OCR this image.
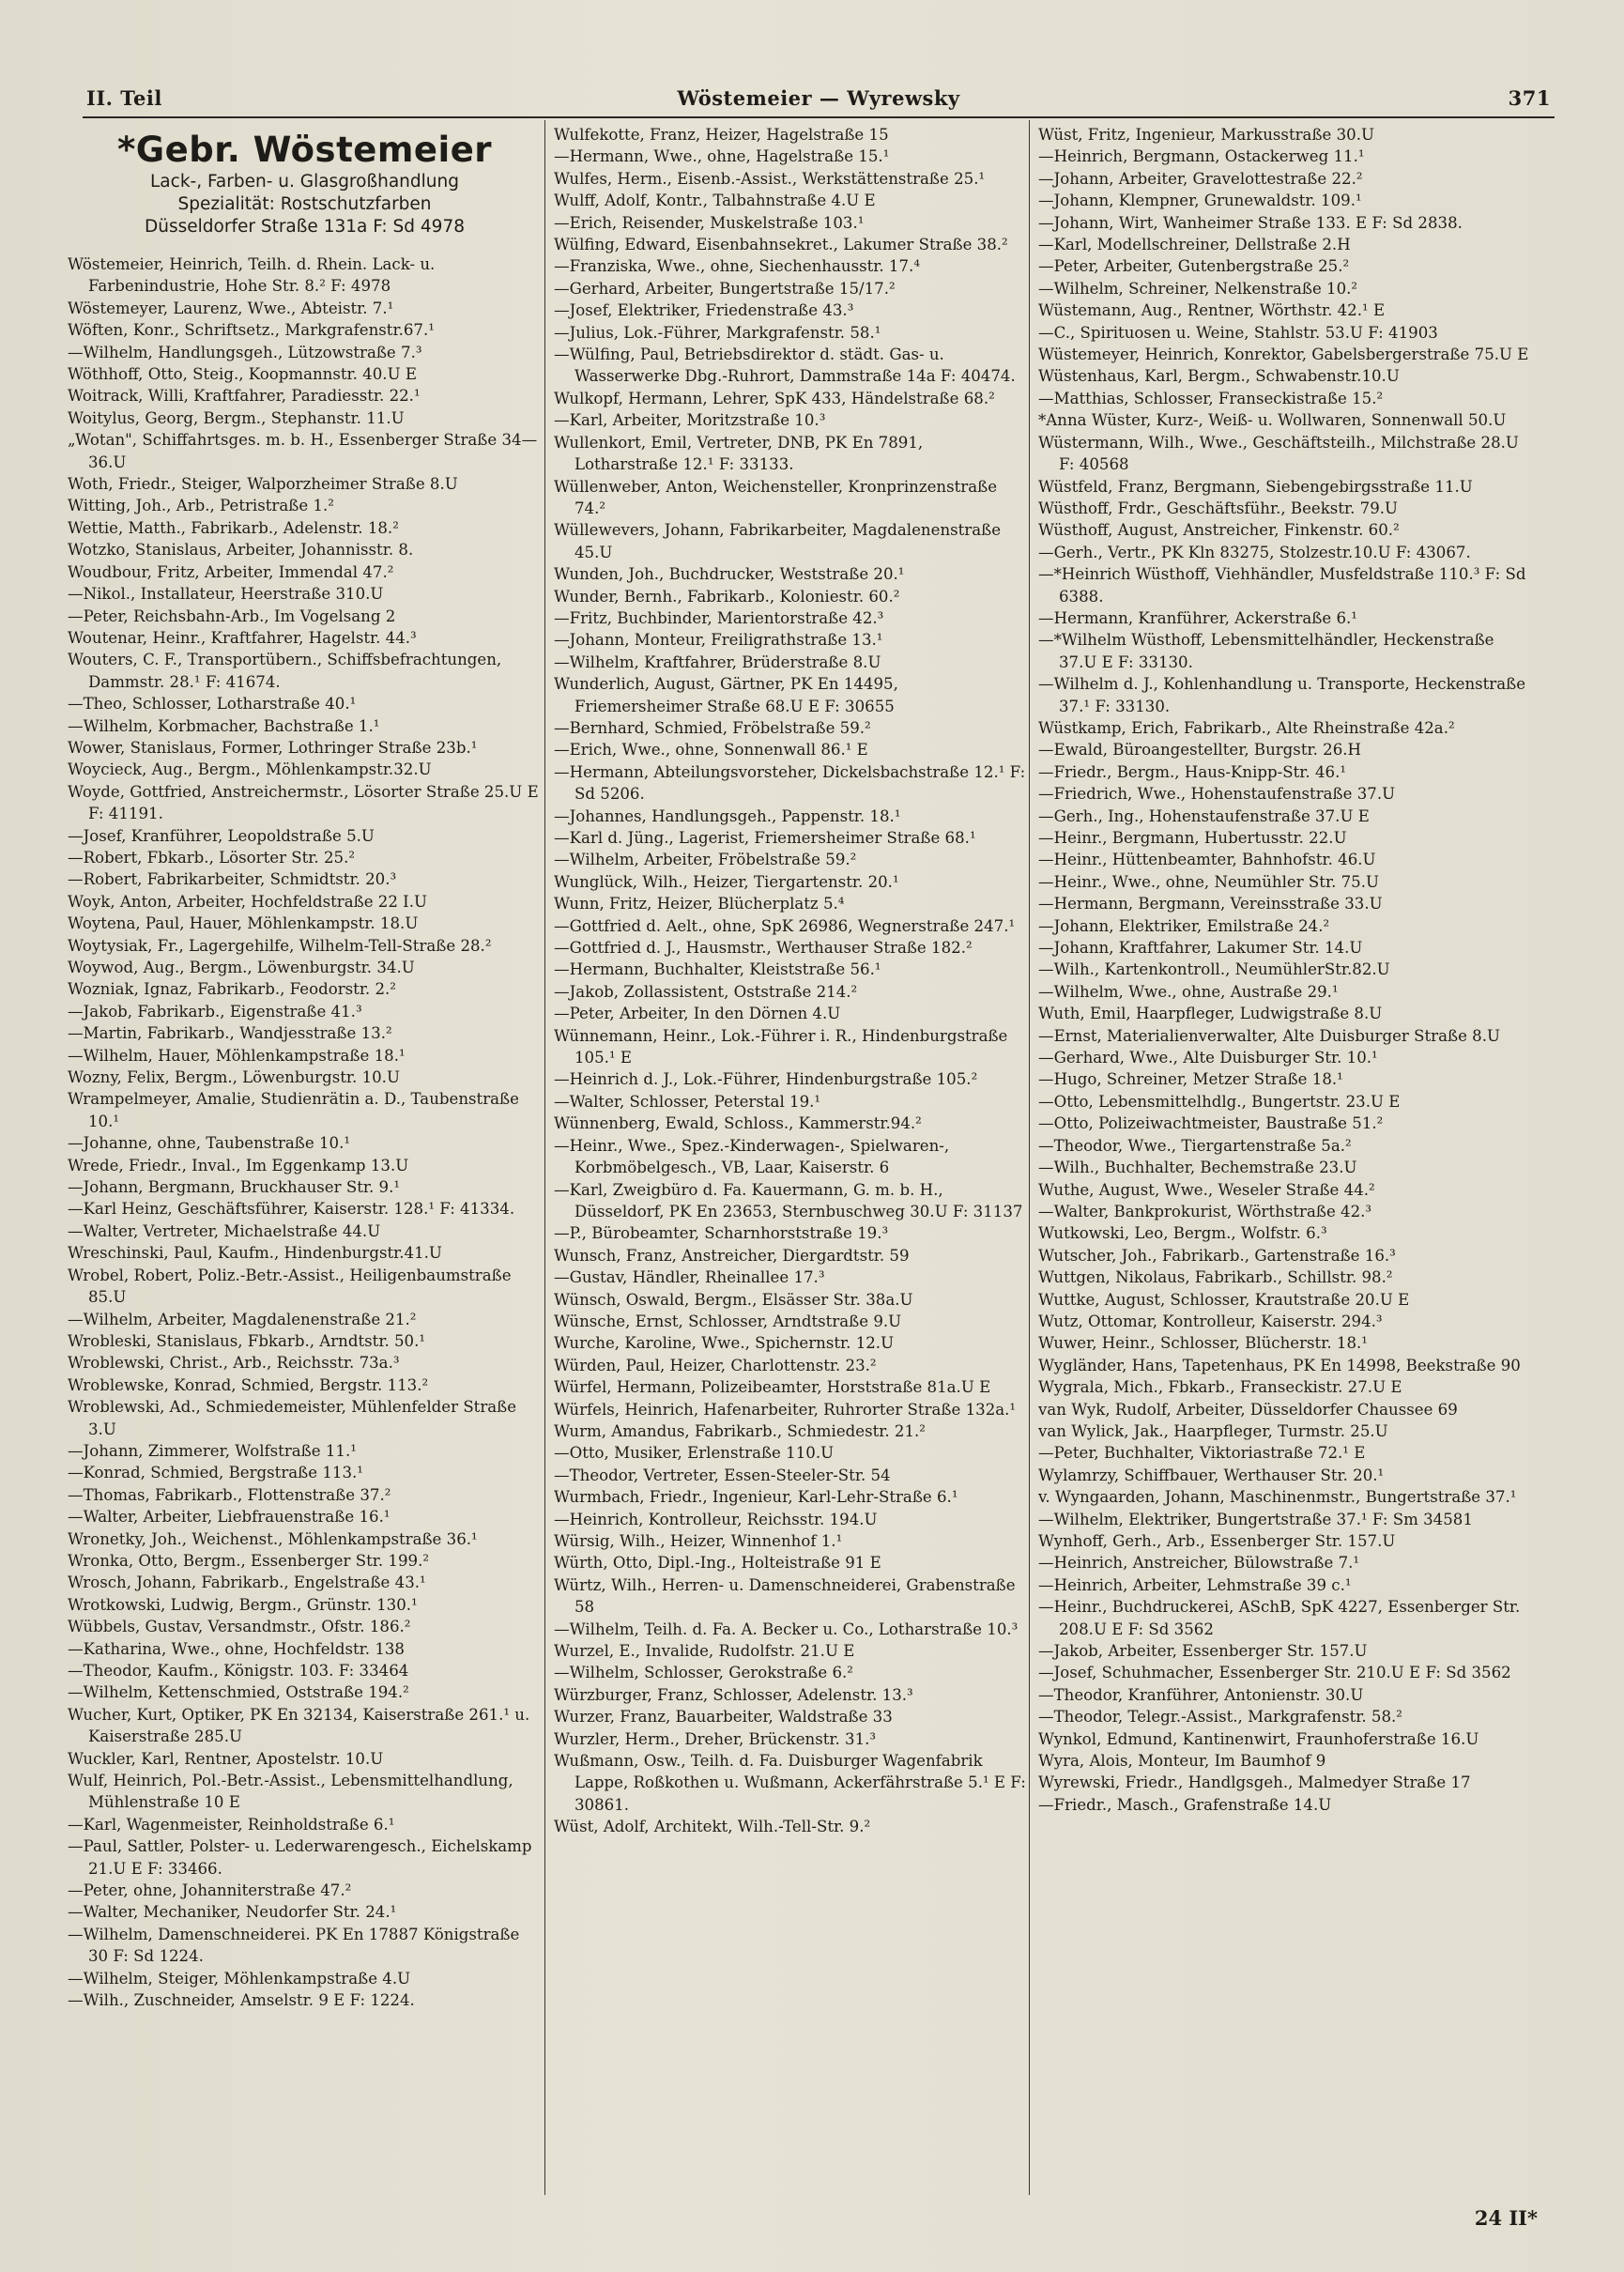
II. Teil	Wöstemeier — Wyrewsky	371
*Gebr. Wöstemeier
Lack-, Farben- u. Glasgroßhandlung
Spezialität: Rostschutzfarben
Düsseldorfer Straße 131a F: Sd 4978
Wöstemeier, Heinrich, Teilh. d. Rhein. Lack- u. Farbenindustrie, Hohe Str. 8.² F: 4978
Wöstemeyer, Laurenz, Wwe., Abteistr. 7.¹
Wöften, Konr., Schriftsetz., Markgrafenstr.67.¹
—Wilhelm, Handlungsgeh., Lützowstraße 7.³
Wöthhoff, Otto, Steig., Koopmannstr. 40.U E
Woitrack, Willi, Kraftfahrer, Paradiesstr. 22.¹
Woitylus, Georg, Bergm., Stephanstr. 11.U
„Wotan", Schiffahrtsges. m. b. H., Essenberger Straße 34—36.U
Woth, Friedr., Steiger, Walporzheimer Straße 8.U
Witting, Joh., Arb., Petristraße 1.²
Wettie, Matth., Fabrikarb., Adelenstr. 18.²
Wotzko, Stanislaus, Arbeiter, Johannisstr. 8.
Woudbour, Fritz, Arbeiter, Immendal 47.²
—Nikol., Installateur, Heerstraße 310.U
—Peter, Reichsbahn-Arb., Im Vogelsang 2
Woutenar, Heinr., Kraftfahrer, Hagelstr. 44.³
Wouters, C. F., Transportübern., Schiffsbefrachtungen, Dammstr. 28.¹ F: 41674.
—Theo, Schlosser, Lotharstraße 40.¹
—Wilhelm, Korbmacher, Bachstraße 1.¹
Wower, Stanislaus, Former, Lothringer Straße 23b.¹
Woycieck, Aug., Bergm., Möhlenkampstr.32.U
Woyde, Gottfried, Anstreichermstr., Lösorter Straße 25.U E F: 41191.
—Josef, Kranführer, Leopoldstraße 5.U
—Robert, Fbkarb., Lösorter Str. 25.²
—Robert, Fabrikarbeiter, Schmidtstr. 20.³
Woyk, Anton, Arbeiter, Hochfeldstraße 22 I.U
Woytena, Paul, Hauer, Möhlenkampstr. 18.U
Woytysiak, Fr., Lagergehilfe, Wilhelm-Tell-Straße 28.²
Woywod, Aug., Bergm., Löwenburgstr. 34.U
Wozniak, Ignaz, Fabrikarb., Feodorstr. 2.²
—Jakob, Fabrikarb., Eigenstraße 41.³
—Martin, Fabrikarb., Wandjesstraße 13.²
—Wilhelm, Hauer, Möhlenkampstraße 18.¹
Wozny, Felix, Bergm., Löwenburgstr. 10.U
Wrampelmeyer, Amalie, Studienrätin a. D., Taubenstraße 10.¹
—Johanne, ohne, Taubenstraße 10.¹
Wrede, Friedr., Inval., Im Eggenkamp 13.U
—Johann, Bergmann, Bruckhauser Str. 9.¹
—Karl Heinz, Geschäftsführer, Kaiserstr. 128.¹ F: 41334.
—Walter, Vertreter, Michaelstraße 44.U
Wreschinski, Paul, Kaufm., Hindenburgstr.41.U
Wrobel, Robert, Poliz.-Betr.-Assist., Heiligenbaumstraße 85.U
—Wilhelm, Arbeiter, Magdalenenstraße 21.²
Wrobleski, Stanislaus, Fbkarb., Arndtstr. 50.¹
Wroblewski, Christ., Arb., Reichsstr. 73a.³
Wroblewske, Konrad, Schmied, Bergstr. 113.²
Wroblewski, Ad., Schmiedemeister, Mühlenfelder Straße 3.U
—Johann, Zimmerer, Wolfstraße 11.¹
—Konrad, Schmied, Bergstraße 113.¹
—Thomas, Fabrikarb., Flottenstraße 37.²
—Walter, Arbeiter, Liebfrauenstraße 16.¹
Wronetky, Joh., Weichenst., Möhlenkampstraße 36.¹
Wronka, Otto, Bergm., Essenberger Str. 199.²
Wrosch, Johann, Fabrikarb., Engelstraße 43.¹
Wrotkowski, Ludwig, Bergm., Grünstr. 130.¹
Wübbels, Gustav, Versandmstr., Ofstr. 186.²
—Katharina, Wwe., ohne, Hochfeldstr. 138
—Theodor, Kaufm., Königstr. 103. F: 33464
—Wilhelm, Kettenschmied, Oststraße 194.²
Wucher, Kurt, Optiker, PK En 32134, Kaiserstraße 261.¹ u. Kaiserstraße 285.U
Wuckler, Karl, Rentner, Apostelstr. 10.U
Wulf, Heinrich, Pol.-Betr.-Assist., Lebensmittelhandlung, Mühlenstraße 10 E
—Karl, Wagenmeister, Reinholdstraße 6.¹
—Paul, Sattler, Polster- u. Lederwarengesch., Eichelskamp 21.U E F: 33466.
—Peter, ohne, Johanniterstraße 47.²
—Walter, Mechaniker, Neudorfer Str. 24.¹
—Wilhelm, Damenschneiderei. PK En 17887 Königstraße 30 F: Sd 1224.
—Wilhelm, Steiger, Möhlenkampstraße 4.U
—Wilh., Zuschneider, Amselstr. 9 E F: 1224.
Wulfekotte, Franz, Heizer, Hagelstraße 15
—Hermann, Wwe., ohne, Hagelstraße 15.¹
Wulfes, Herm., Eisenb.-Assist., Werkstättenstraße 25.¹
Wulff, Adolf, Kontr., Talbahnstraße 4.U E
—Erich, Reisender, Muskelstraße 103.¹
Wülfing, Edward, Eisenbahnsekret., Lakumer Straße 38.²
—Franziska, Wwe., ohne, Siechenhausstr. 17.⁴
—Gerhard, Arbeiter, Bungertstraße 15/17.²
—Josef, Elektriker, Friedenstraße 43.³
—Julius, Lok.-Führer, Markgrafenstr. 58.¹
—Wülfing, Paul, Betriebsdirektor d. städt. Gas- u. Wasserwerke Dbg.-Ruhrort, Dammstraße 14a F: 40474.
Wulkopf, Hermann, Lehrer, SpK 433, Händelstraße 68.²
—Karl, Arbeiter, Moritzstraße 10.³
Wullenkort, Emil, Vertreter, DNB, PK En 7891, Lotharstraße 12.¹ F: 33133.
Wüllenweber, Anton, Weichensteller, Kronprinzenstraße 74.²
Wüllewevers, Johann, Fabrikarbeiter, Magdalenenstraße 45.U
Wunden, Joh., Buchdrucker, Weststraße 20.¹
Wunder, Bernh., Fabrikarb., Koloniestr. 60.²
—Fritz, Buchbinder, Marientorstraße 42.³
—Johann, Monteur, Freiligrathstraße 13.¹
—Wilhelm, Kraftfahrer, Brüderstraße 8.U
Wunderlich, August, Gärtner, PK En 14495, Friemersheimer Straße 68.U E F: 30655
—Bernhard, Schmied, Fröbelstraße 59.²
—Erich, Wwe., ohne, Sonnenwall 86.¹ E
—Hermann, Abteilungsvorsteher, Dickelsbachstraße 12.¹ F: Sd 5206.
—Johannes, Handlungsgeh., Pappenstr. 18.¹
—Karl d. Jüng., Lagerist, Friemersheimer Straße 68.¹
—Wilhelm, Arbeiter, Fröbelstraße 59.²
Wunglück, Wilh., Heizer, Tiergartenstr. 20.¹
Wunn, Fritz, Heizer, Blücherplatz 5.⁴
—Gottfried d. Aelt., ohne, SpK 26986, Wegnerstraße 247.¹
—Gottfried d. J., Hausmstr., Werthauser Straße 182.²
—Hermann, Buchhalter, Kleiststraße 56.¹
—Jakob, Zollassistent, Oststraße 214.²
—Peter, Arbeiter, In den Dörnen 4.U
Wünnemann, Heinr., Lok.-Führer i. R., Hindenburgstraße 105.¹ E
—Heinrich d. J., Lok.-Führer, Hindenburgstraße 105.²
—Walter, Schlosser, Peterstal 19.¹
Wünnenberg, Ewald, Schloss., Kammerstr.94.²
—Heinr., Wwe., Spez.-Kinderwagen-, Spielwaren-, Korbmöbelgesch., VB, Laar, Kaiserstr. 6
—Karl, Zweigbüro d. Fa. Kauermann, G. m. b. H., Düsseldorf, PK En 23653, Sternbuschweg 30.U F: 31137
—P., Bürobeamter, Scharnhorststraße 19.³
Wunsch, Franz, Anstreicher, Diergardtstr. 59
—Gustav, Händler, Rheinallee 17.³
Wünsch, Oswald, Bergm., Elsässer Str. 38a.U
Wünsche, Ernst, Schlosser, Arndtstraße 9.U
Wurche, Karoline, Wwe., Spichernstr. 12.U
Würden, Paul, Heizer, Charlottenstr. 23.²
Würfel, Hermann, Polizeibeamter, Horststraße 81a.U E
Würfels, Heinrich, Hafenarbeiter, Ruhrorter Straße 132a.¹
Wurm, Amandus, Fabrikarb., Schmiedestr. 21.²
—Otto, Musiker, Erlenstraße 110.U
—Theodor, Vertreter, Essen-Steeler-Str. 54
Wurmbach, Friedr., Ingenieur, Karl-Lehr-Straße 6.¹
—Heinrich, Kontrolleur, Reichsstr. 194.U
Würsig, Wilh., Heizer, Winnenhof 1.¹
Würth, Otto, Dipl.-Ing., Holteistraße 91 E
Würtz, Wilh., Herren- u. Damenschneiderei, Grabenstraße 58
—Wilhelm, Teilh. d. Fa. A. Becker u. Co., Lotharstraße 10.³
Wurzel, E., Invalide, Rudolfstr. 21.U E
—Wilhelm, Schlosser, Gerokstraße 6.²
Würzburger, Franz, Schlosser, Adelenstr. 13.³
Wurzer, Franz, Bauarbeiter, Waldstraße 33
Wurzler, Herm., Dreher, Brückenstr. 31.³
Wußmann, Osw., Teilh. d. Fa. Duisburger Wagenfabrik Lappe, Roßkothen u. Wußmann, Ackerfährstraße 5.¹ E F: 30861.
Wüst, Adolf, Architekt, Wilh.-Tell-Str. 9.²
Wüst, Fritz, Ingenieur, Markusstraße 30.U
—Heinrich, Bergmann, Ostackerweg 11.¹
—Johann, Arbeiter, Gravelottestraße 22.²
—Johann, Klempner, Grunewaldstr. 109.¹
—Johann, Wirt, Wanheimer Straße 133. E F: Sd 2838.
—Karl, Modellschreiner, Dellstraße 2.H
—Peter, Arbeiter, Gutenbergstraße 25.²
—Wilhelm, Schreiner, Nelkenstraße 10.²
Wüstemann, Aug., Rentner, Wörthstr. 42.¹ E
—C., Spirituosen u. Weine, Stahlstr. 53.U F: 41903
Wüstemeyer, Heinrich, Konrektor, Gabelsbergerstraße 75.U E
Wüstenhaus, Karl, Bergm., Schwabenstr.10.U
—Matthias, Schlosser, Franseckistraße 15.²
*Anna Wüster, Kurz-, Weiß- u. Wollwaren, Sonnenwall 50.U
Wüstermann, Wilh., Wwe., Geschäftsteilh., Milchstraße 28.U F: 40568
Wüstfeld, Franz, Bergmann, Siebengebirgsstraße 11.U
Wüsthoff, Frdr., Geschäftsführ., Beekstr. 79.U
Wüsthoff, August, Anstreicher, Finkenstr. 60.²
—Gerh., Vertr., PK Kln 83275, Stolzestr.10.U F: 43067.
—*Heinrich Wüsthoff, Viehhändler, Musfeldstraße 110.³ F: Sd 6388.
—Hermann, Kranführer, Ackerstraße 6.¹
—*Wilhelm Wüsthoff, Lebensmittelhändler, Heckenstraße 37.U E F: 33130.
—Wilhelm d. J., Kohlenhandlung u. Transporte, Heckenstraße 37.¹ F: 33130.
Wüstkamp, Erich, Fabrikarb., Alte Rheinstraße 42a.²
—Ewald, Büroangestellter, Burgstr. 26.H
—Friedr., Bergm., Haus-Knipp-Str. 46.¹
—Friedrich, Wwe., Hohenstaufenstraße 37.U
—Gerh., Ing., Hohenstaufenstraße 37.U E
—Heinr., Bergmann, Hubertusstr. 22.U
—Heinr., Hüttenbeamter, Bahnhofstr. 46.U
—Heinr., Wwe., ohne, Neumühler Str. 75.U
—Hermann, Bergmann, Vereinsstraße 33.U
—Johann, Elektriker, Emilstraße 24.²
—Johann, Kraftfahrer, Lakumer Str. 14.U
—Wilh., Kartenkontroll., NeumühlerStr.82.U
—Wilhelm, Wwe., ohne, Austraße 29.¹
Wuth, Emil, Haarpfleger, Ludwigstraße 8.U
—Ernst, Materialienverwalter, Alte Duisburger Straße 8.U
—Gerhard, Wwe., Alte Duisburger Str. 10.¹
—Hugo, Schreiner, Metzer Straße 18.¹
—Otto, Lebensmittelhdlg., Bungertstr. 23.U E
—Otto, Polizeiwachtmeister, Baustraße 51.²
—Theodor, Wwe., Tiergartenstraße 5a.²
—Wilh., Buchhalter, Bechemstraße 23.U
Wuthe, August, Wwe., Weseler Straße 44.²
—Walter, Bankprokurist, Wörthstraße 42.³
Wutkowski, Leo, Bergm., Wolfstr. 6.³
Wutscher, Joh., Fabrikarb., Gartenstraße 16.³
Wuttgen, Nikolaus, Fabrikarb., Schillstr. 98.²
Wuttke, August, Schlosser, Krautstraße 20.U E
Wutz, Ottomar, Kontrolleur, Kaiserstr. 294.³
Wuwer, Heinr., Schlosser, Blücherstr. 18.¹
Wygländer, Hans, Tapetenhaus, PK En 14998, Beekstraße 90
Wygrala, Mich., Fbkarb., Franseckistr. 27.U E
van Wyk, Rudolf, Arbeiter, Düsseldorfer Chaussee 69
van Wylick, Jak., Haarpfleger, Turmstr. 25.U
—Peter, Buchhalter, Viktoriastraße 72.¹ E
Wylamrzy, Schiffbauer, Werthauser Str. 20.¹
v. Wyngaarden, Johann, Maschinenmstr., Bungertstraße 37.¹
—Wilhelm, Elektriker, Bungertstraße 37.¹ F: Sm 34581
Wynhoff, Gerh., Arb., Essenberger Str. 157.U
—Heinrich, Anstreicher, Bülowstraße 7.¹
—Heinrich, Arbeiter, Lehmstraße 39 c.¹
—Heinr., Buchdruckerei, ASchB, SpK 4227, Essenberger Str. 208.U E F: Sd 3562
—Jakob, Arbeiter, Essenberger Str. 157.U
—Josef, Schuhmacher, Essenberger Str. 210.U E F: Sd 3562
—Theodor, Kranführer, Antonienstr. 30.U
—Theodor, Telegr.-Assist., Markgrafenstr. 58.²
Wynkol, Edmund, Kantinenwirt, Fraunhoferstraße 16.U
Wyra, Alois, Monteur, Im Baumhof 9
Wyrewski, Friedr., Handlgsgeh., Malmedyer Straße 17
—Friedr., Masch., Grafenstraße 14.U
24 II*
